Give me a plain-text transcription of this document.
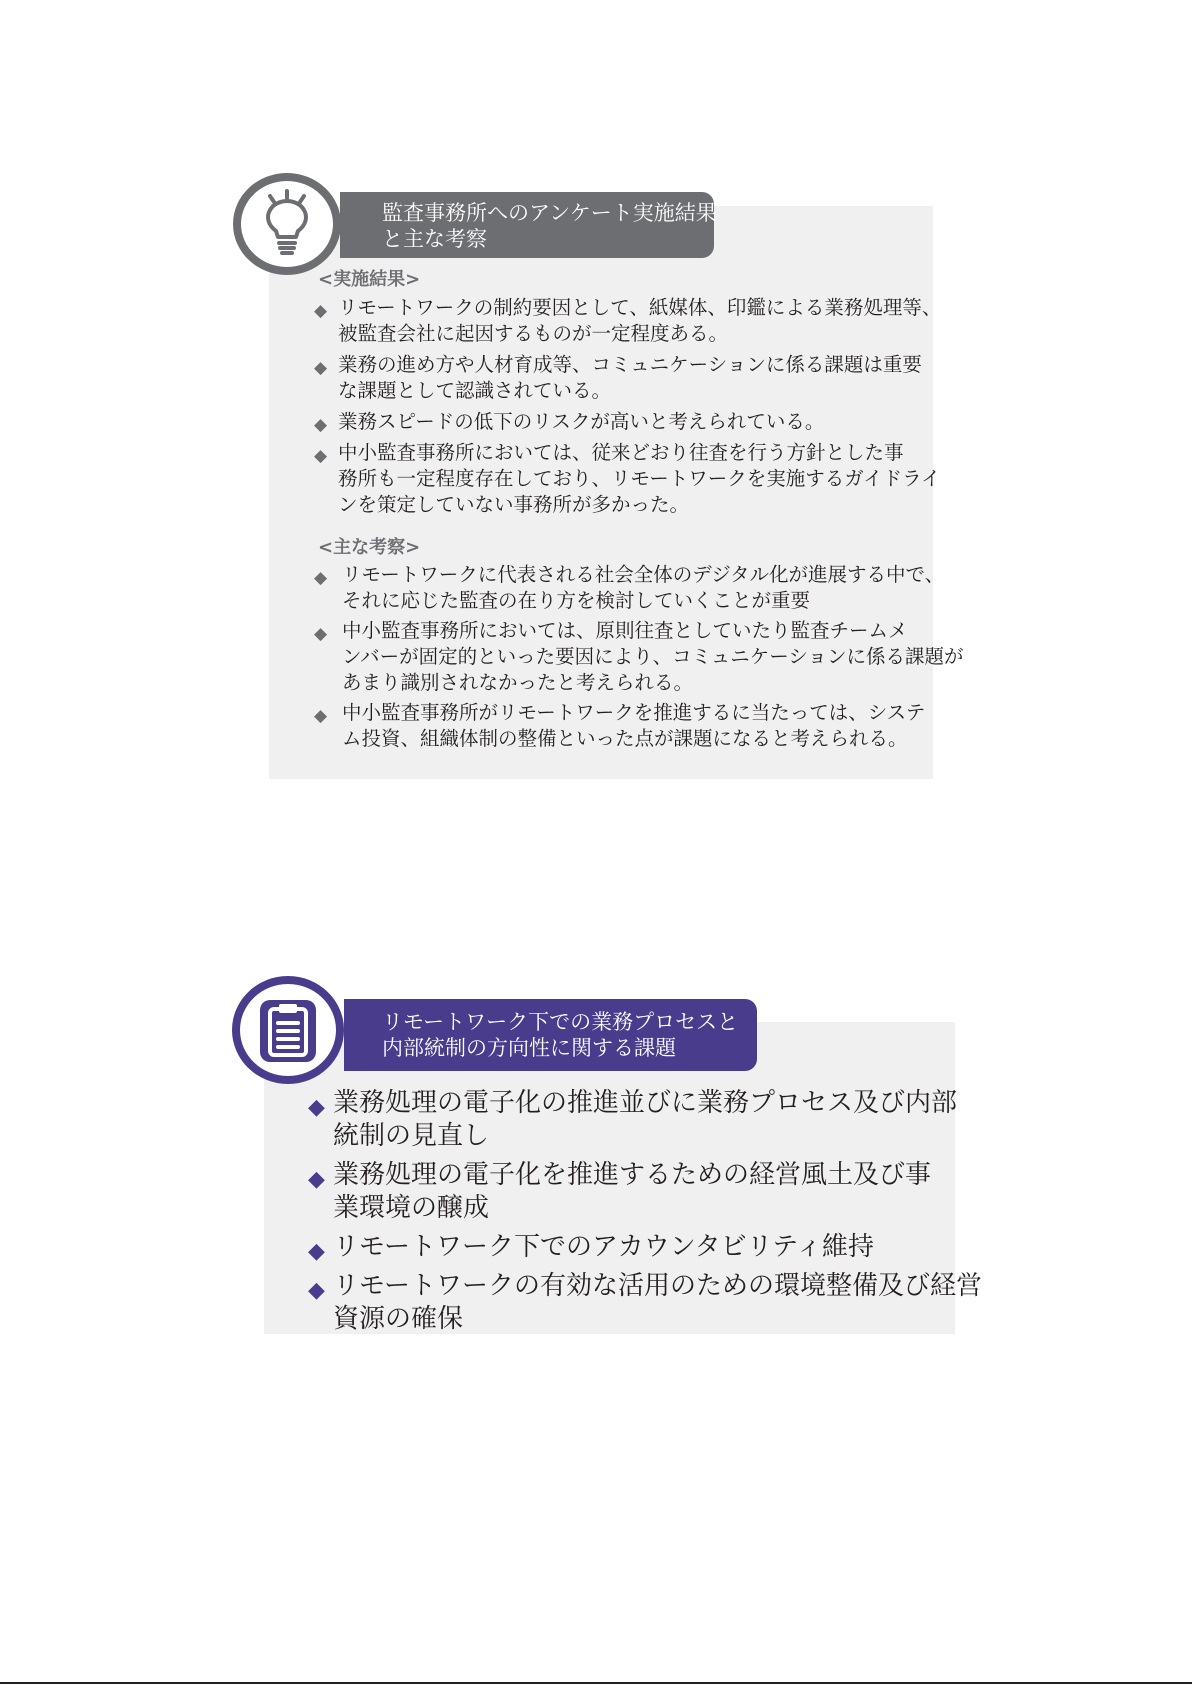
監査事務所へのアンケート実施結果
と主な考察
<実施結果>
◆ リモートワークの制約要因として、紙媒体、印鑑による業務処理等、
被監査会社に起因するものが一定程度ある。
◆ 業務の進め方や人材育成等、コミュニケーションに係る課題は重要
な課題として認識されている。
◆ 業務スピードの低下のリスクが高いと考えられている。
◆ 中小監査事務所においては、従来どおり往査を行う方針とした事
務所も一定程度存在しており、リモートワークを実施するガイドライ
ンを策定していない事務所が多かった。
<主な考察>
◆ リモートワークに代表される社会全体のデジタル化が進展する中で、
それに応じた監査の在り方を検討していくことが重要
◆ 中小監査事務所においては、原則往査としていたり監査チームメ
ンバーが固定的といった要因により、コミュニケーションに係る課題が
あまり識別されなかったと考えられる。
◆ 中小監査事務所がリモートワークを推進するに当たっては、システ
ム投資、組織体制の整備といった点が課題になると考えられる。
リモートワーク下での業務プロセスと
内部統制の方向性に関する課題
◆ 業務処理の電子化の推進並びに業務プロセス及び内部
統制の見直し
◆ 業務処理の電子化を推進するための経営風土及び事
業環境の醸成
◆ リモートワーク下でのアカウンタビリティ維持
◆ リモートワークの有効な活用のための環境整備及び経営
資源の確保
